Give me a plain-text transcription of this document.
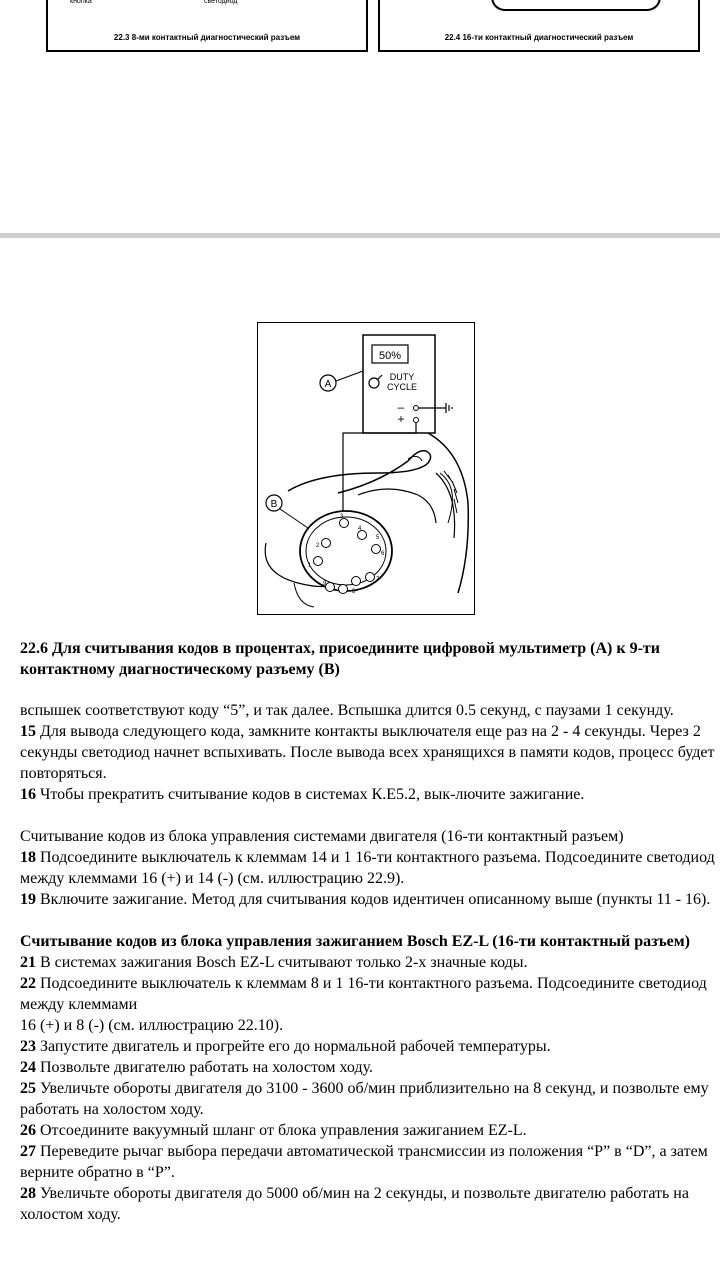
кнопка	светодиод
22.3 8-ми контактный диагностический разъем	22.4 16-ти контактный диагностический разъем
50%
DUTY
CYCLE
–
+
A
2
1
3
4
5
6
7
8
9
B
22.6 Для считывания кодов в процентах, присоедините цифровой мультиметр (А) к 9-ти контактному диагностическому разъему (B)

вспышек соответствуют коду “5”, и так далее. Вспышка длится 0.5 секунд, с паузами 1 секунду.

15 Для вывода следующего кода, замкните контакты выключателя еще раз на 2 - 4 секунды. Через 2 секунды светодиод начнет вспыхивать. После вывода всех хранящихся в памяти кодов, процесс будет повторяться.

16 Чтобы прекратить считывание кодов в системах К.E5.2, вык-лючите зажигание.

Считывание кодов из блока управления системами двигателя (16-ти контактный разъем)

18 Подсоедините выключатель к клеммам 14 и 1 16-ти контактного разъема. Подсоедините светодиод между клеммами 16 (+) и 14 (-) (см. иллюстрацию 22.9).

19 Включите зажигание. Метод для считывания кодов идентичен описанному выше (пункты 11 - 16).

Считывание кодов из блока управления зажиганием Bosch EZ-L (16-ти контактный разъем)

21 В системах зажигания Bosch EZ-L считывают только 2-х значные коды.

22 Подсоедините выключатель к клеммам 8 и 1 16-ти контактного разъема. Подсоедините светодиод между клеммами

16 (+) и 8 (-) (см. иллюстрацию 22.10).

23 Запустите двигатель и прогрейте его до нормальной рабочей температуры.

24 Позвольте двигателю работать на холостом ходу.

25 Увеличьте обороты двигателя до 3100 - 3600 об/мин приблизительно на 8 секунд, и позвольте ему работать на холостом ходу.

26 Отсоедините вакуумный шланг от блока управления зажиганием EZ-L.

27 Переведите рычаг выбора передачи автоматической трансмиссии из положения “P” в “D”, а затем верните обратно в “P”.

28 Увеличьте обороты двигателя до 5000 об/мин на 2 секунды, и позвольте двигателю работать на холостом ходу.
